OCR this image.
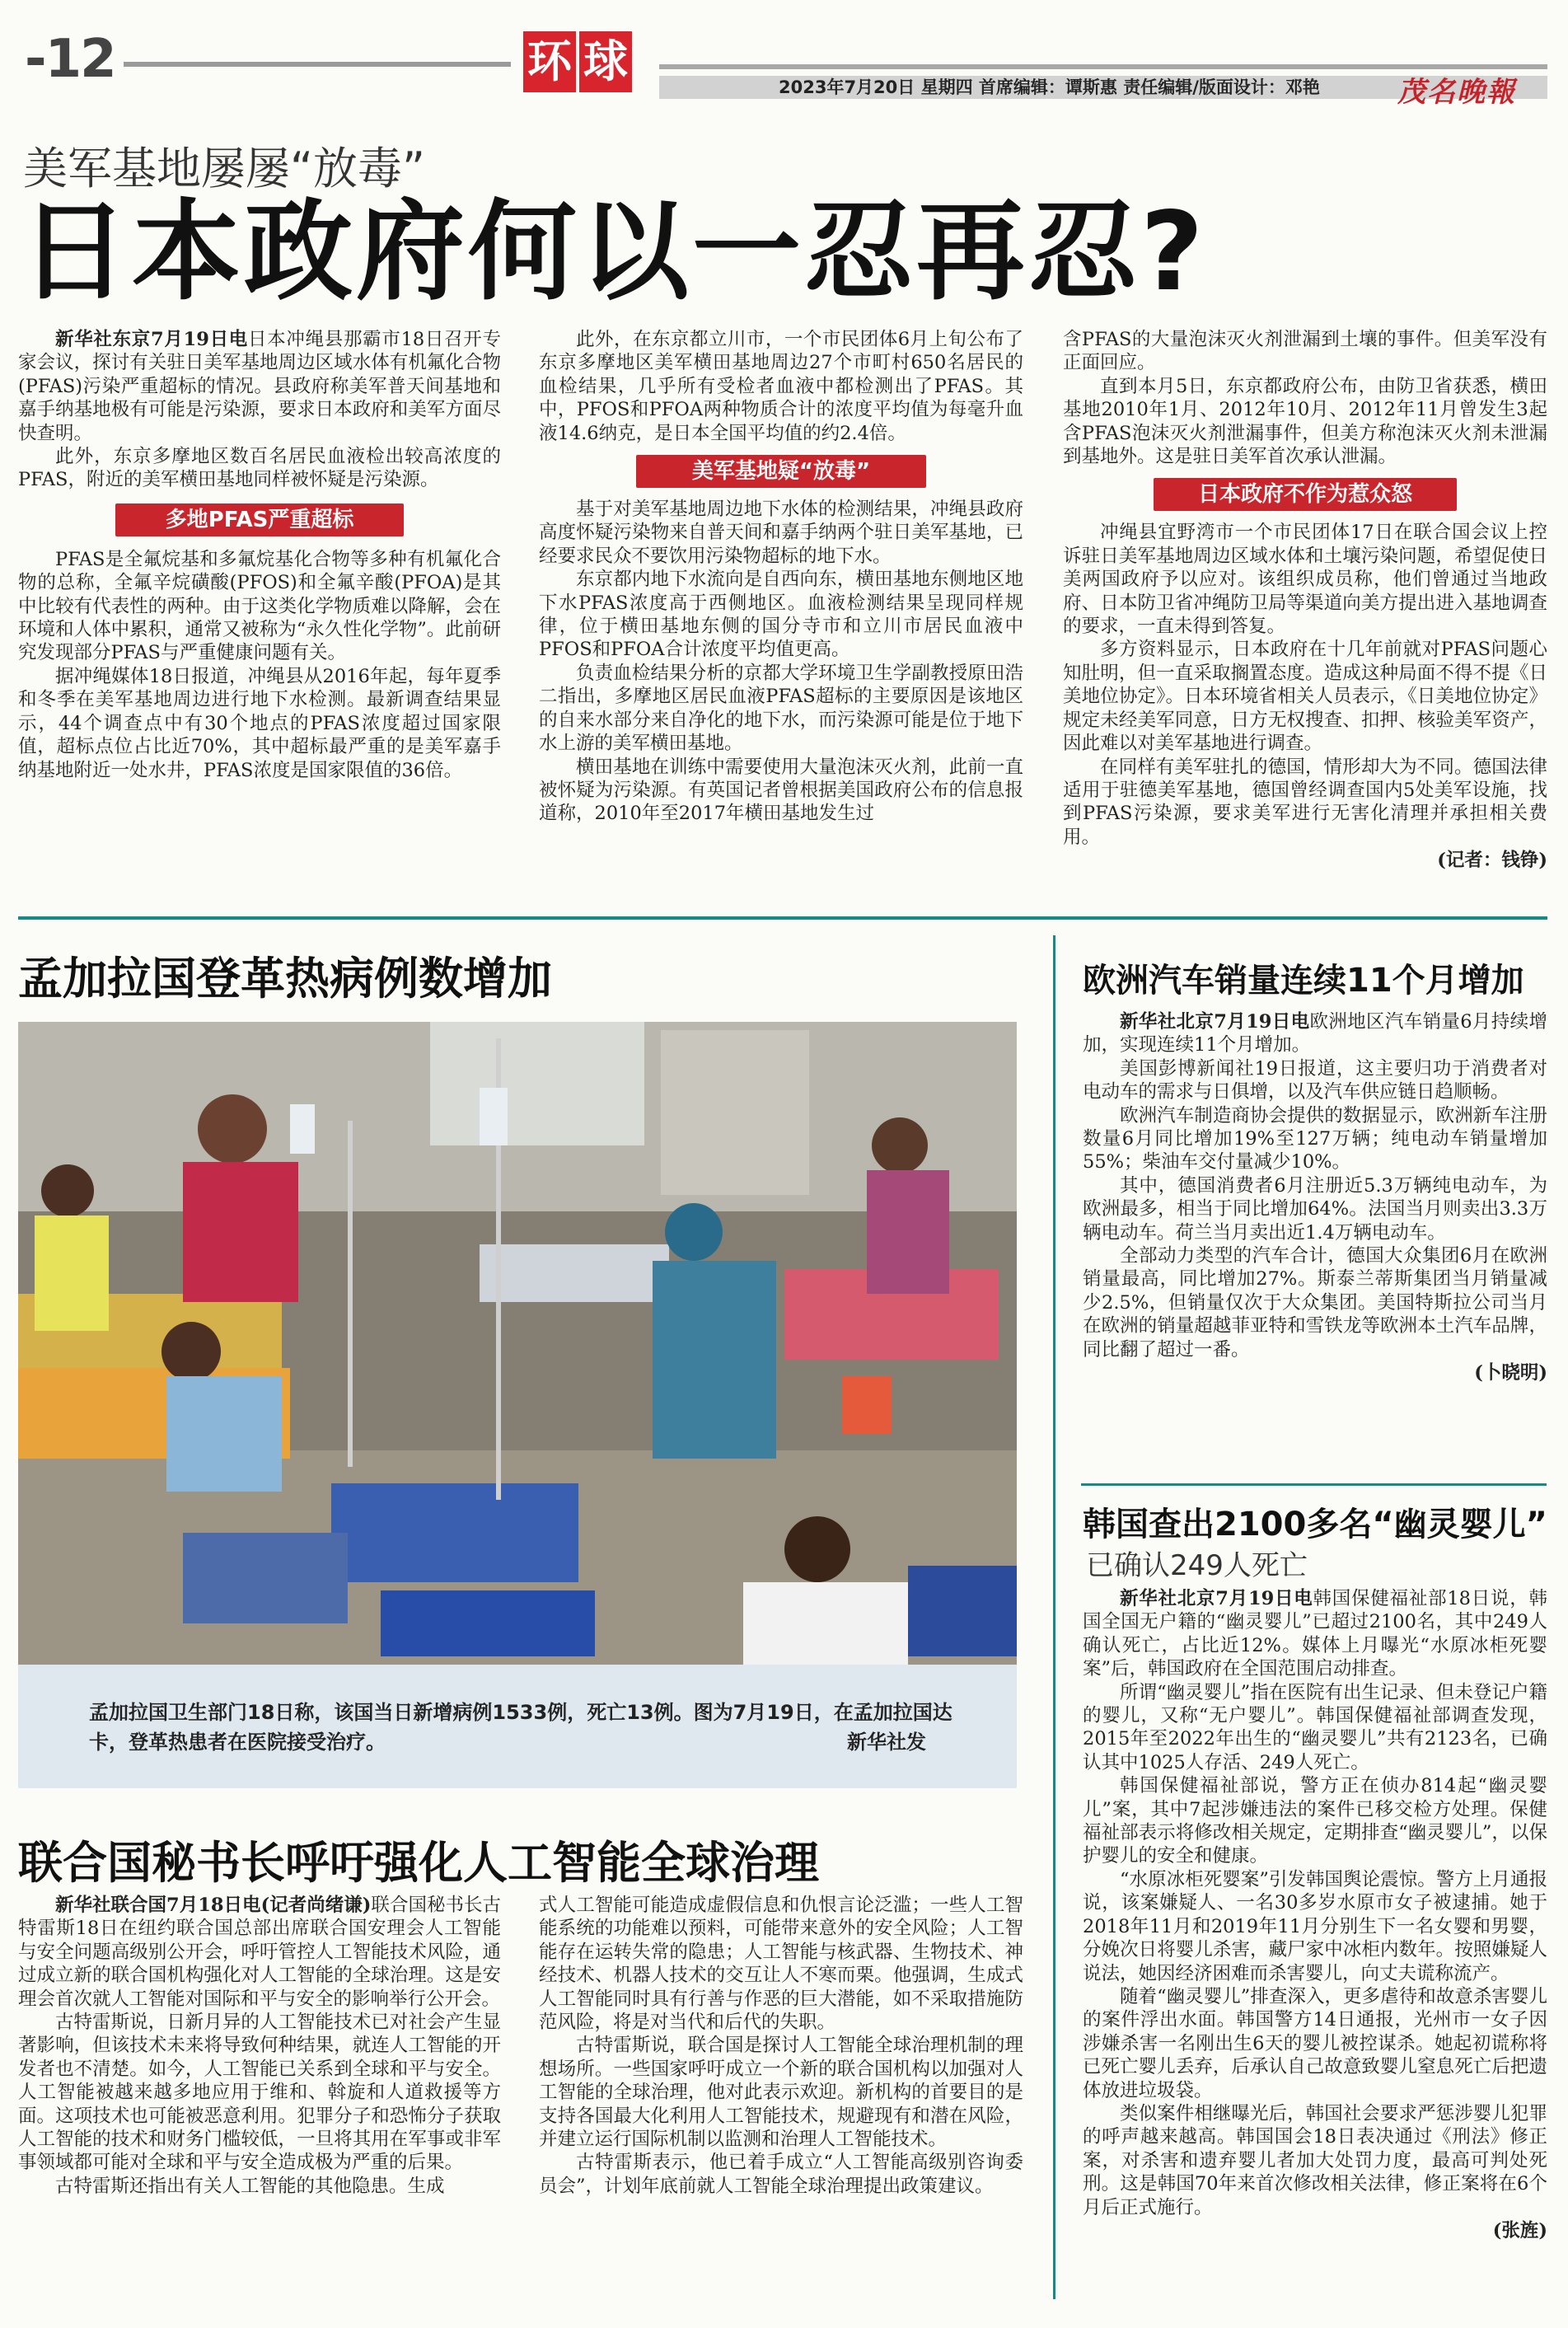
-12	环 球	2023年7月20日 星期四 首席编辑：谭斯惠 责任编辑/版面设计：邓艳	茂名晚報
美军基地屡屡“放毒”
日本政府何以一忍再忍?

新华社东京7月19日电日本冲绳县那霸市18日召开专家会议，探讨有关驻日美军基地周边区域水体有机氟化合物(PFAS)污染严重超标的情况。县政府称美军普天间基地和嘉手纳基地极有可能是污染源，要求日本政府和美军方面尽快查明。

此外，东京多摩地区数百名居民血液检出较高浓度的PFAS，附近的美军横田基地同样被怀疑是污染源。

多地PFAS严重超标

PFAS是全氟烷基和多氟烷基化合物等多种有机氟化合物的总称，全氟辛烷磺酸(PFOS)和全氟辛酸(PFOA)是其中比较有代表性的两种。由于这类化学物质难以降解，会在环境和人体中累积，通常又被称为“永久性化学物”。此前研究发现部分PFAS与严重健康问题有关。

据冲绳媒体18日报道，冲绳县从2016年起，每年夏季和冬季在美军基地周边进行地下水检测。最新调查结果显示，44个调查点中有30个地点的PFAS浓度超过国家限值，超标点位占比近70%，其中超标最严重的是美军嘉手纳基地附近一处水井，PFAS浓度是国家限值的36倍。

此外，在东京都立川市，一个市民团体6月上旬公布了东京多摩地区美军横田基地周边27个市町村650名居民的血检结果，几乎所有受检者血液中都检测出了PFAS。其中，PFOS和PFOA两种物质合计的浓度平均值为每毫升血液14.6纳克，是日本全国平均值的约2.4倍。

美军基地疑“放毒”

基于对美军基地周边地下水体的检测结果，冲绳县政府高度怀疑污染物来自普天间和嘉手纳两个驻日美军基地，已经要求民众不要饮用污染物超标的地下水。

东京都内地下水流向是自西向东，横田基地东侧地区地下水PFAS浓度高于西侧地区。血液检测结果呈现同样规律，位于横田基地东侧的国分寺市和立川市居民血液中PFOS和PFOA合计浓度平均值更高。

负责血检结果分析的京都大学环境卫生学副教授原田浩二指出，多摩地区居民血液PFAS超标的主要原因是该地区的自来水部分来自净化的地下水，而污染源可能是位于地下水上游的美军横田基地。

横田基地在训练中需要使用大量泡沫灭火剂，此前一直被怀疑为污染源。有英国记者曾根据美国政府公布的信息报道称，2010年至2017年横田基地发生过

含PFAS的大量泡沫灭火剂泄漏到土壤的事件。但美军没有正面回应。

直到本月5日，东京都政府公布，由防卫省获悉，横田基地2010年1月、2012年10月、2012年11月曾发生3起含PFAS泡沫灭火剂泄漏事件，但美方称泡沫灭火剂未泄漏到基地外。这是驻日美军首次承认泄漏。

日本政府不作为惹众怒

冲绳县宜野湾市一个市民团体17日在联合国会议上控诉驻日美军基地周边区域水体和土壤污染问题，希望促使日美两国政府予以应对。该组织成员称，他们曾通过当地政府、日本防卫省冲绳防卫局等渠道向美方提出进入基地调查的要求，一直未得到答复。

多方资料显示，日本政府在十几年前就对PFAS问题心知肚明，但一直采取搁置态度。造成这种局面不得不提《日美地位协定》。日本环境省相关人员表示，《日美地位协定》规定未经美军同意，日方无权搜查、扣押、核验美军资产，因此难以对美军基地进行调查。

在同样有美军驻扎的德国，情形却大为不同。德国法律适用于驻德美军基地，德国曾经调查国内5处美军设施，找到PFAS污染源，要求美军进行无害化清理并承担相关费用。

(记者：钱铮)

孟加拉国登革热病例数增加
孟加拉国卫生部门18日称，该国当日新增病例1533例，死亡13例。图为7月19日，在孟加拉国达
卡，登革热患者在医院接受治疗。	新华社发
联合国秘书长呼吁强化人工智能全球治理

新华社联合国7月18日电(记者尚绪谦)联合国秘书长古特雷斯18日在纽约联合国总部出席联合国安理会人工智能与安全问题高级别公开会，呼吁管控人工智能技术风险，通过成立新的联合国机构强化对人工智能的全球治理。这是安理会首次就人工智能对国际和平与安全的影响举行公开会。

古特雷斯说，日新月异的人工智能技术已对社会产生显著影响，但该技术未来将导致何种结果，就连人工智能的开发者也不清楚。如今，人工智能已关系到全球和平与安全。人工智能被越来越多地应用于维和、斡旋和人道救援等方面。这项技术也可能被恶意利用。犯罪分子和恐怖分子获取人工智能的技术和财务门槛较低，一旦将其用在军事或非军事领域都可能对全球和平与安全造成极为严重的后果。

古特雷斯还指出有关人工智能的其他隐患。生成

式人工智能可能造成虚假信息和仇恨言论泛滥；一些人工智能系统的功能难以预料，可能带来意外的安全风险；人工智能存在运转失常的隐患；人工智能与核武器、生物技术、神经技术、机器人技术的交互让人不寒而栗。他强调，生成式人工智能同时具有行善与作恶的巨大潜能，如不采取措施防范风险，将是对当代和后代的失职。

古特雷斯说，联合国是探讨人工智能全球治理机制的理想场所。一些国家呼吁成立一个新的联合国机构以加强对人工智能的全球治理，他对此表示欢迎。新机构的首要目的是支持各国最大化利用人工智能技术，规避现有和潜在风险，并建立运行国际机制以监测和治理人工智能技术。

古特雷斯表示，他已着手成立“人工智能高级别咨询委员会”，计划年底前就人工智能全球治理提出政策建议。

欧洲汽车销量连续11个月增加

新华社北京7月19日电欧洲地区汽车销量6月持续增加，实现连续11个月增加。

美国彭博新闻社19日报道，这主要归功于消费者对电动车的需求与日俱增，以及汽车供应链日趋顺畅。

欧洲汽车制造商协会提供的数据显示，欧洲新车注册数量6月同比增加19%至127万辆；纯电动车销量增加55%；柴油车交付量减少10%。

其中，德国消费者6月注册近5.3万辆纯电动车，为欧洲最多，相当于同比增加64%。法国当月则卖出3.3万辆电动车。荷兰当月卖出近1.4万辆电动车。

全部动力类型的汽车合计，德国大众集团6月在欧洲销量最高，同比增加27%。斯泰兰蒂斯集团当月销量减少2.5%，但销量仅次于大众集团。美国特斯拉公司当月在欧洲的销量超越菲亚特和雪铁龙等欧洲本土汽车品牌，同比翻了超过一番。

(卜晓明)

韩国查出2100多名“幽灵婴儿”
已确认249人死亡

新华社北京7月19日电韩国保健福祉部18日说，韩国全国无户籍的“幽灵婴儿”已超过2100名，其中249人确认死亡，占比近12%。媒体上月曝光“水原冰柜死婴案”后，韩国政府在全国范围启动排查。

所谓“幽灵婴儿”指在医院有出生记录、但未登记户籍的婴儿，又称“无户婴儿”。韩国保健福祉部调查发现，2015年至2022年出生的“幽灵婴儿”共有2123名，已确认其中1025人存活、249人死亡。

韩国保健福祉部说，警方正在侦办814起“幽灵婴儿”案，其中7起涉嫌违法的案件已移交检方处理。保健福祉部表示将修改相关规定，定期排查“幽灵婴儿”，以保护婴儿的安全和健康。

“水原冰柜死婴案”引发韩国舆论震惊。警方上月通报说，该案嫌疑人、一名30多岁水原市女子被逮捕。她于2018年11月和2019年11月分别生下一名女婴和男婴，分娩次日将婴儿杀害，藏尸家中冰柜内数年。按照嫌疑人说法，她因经济困难而杀害婴儿，向丈夫谎称流产。

随着“幽灵婴儿”排查深入，更多虐待和故意杀害婴儿的案件浮出水面。韩国警方14日通报，光州市一女子因涉嫌杀害一名刚出生6天的婴儿被控谋杀。她起初谎称将已死亡婴儿丢弃，后承认自己故意致婴儿窒息死亡后把遗体放进垃圾袋。

类似案件相继曝光后，韩国社会要求严惩涉婴儿犯罪的呼声越来越高。韩国国会18日表决通过《刑法》修正案，对杀害和遗弃婴儿者加大处罚力度，最高可判处死刑。这是韩国70年来首次修改相关法律，修正案将在6个月后正式施行。

(张旌)
